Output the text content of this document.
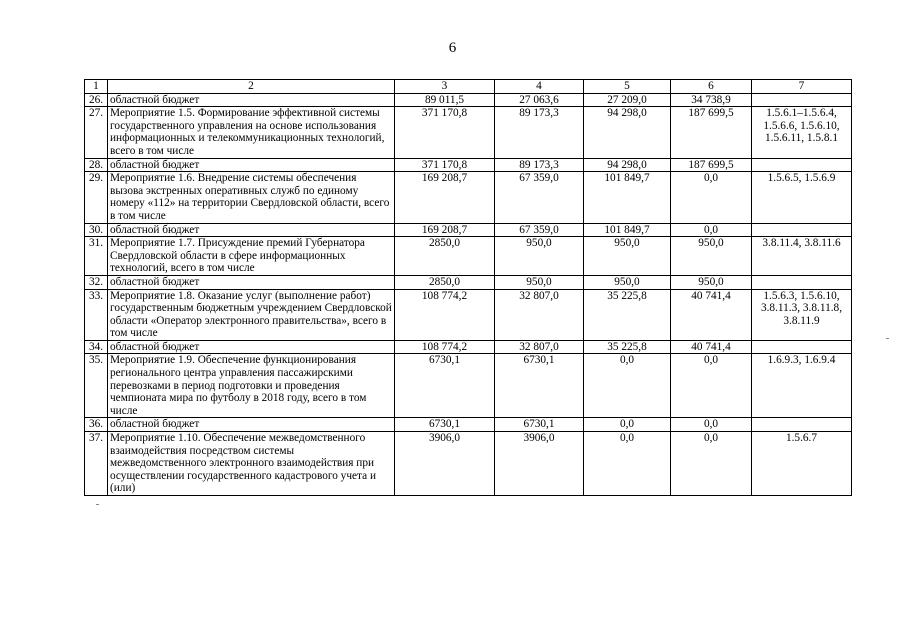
6
1	2	3	4	5	6	7
26.	областной бюджет	89 011,5	27 063,6	27 209,0	34 738,9	
27.	Мероприятие 1.5. Формирование эффективной системы государственного управления на основе использования информационных и телекоммуникационных технологий, всего в том числе	371 170,8	89 173,3	94 298,0	187 699,5	1.5.6.1–1.5.6.4, 1.5.6.6, 1.5.6.10, 1.5.6.11, 1.5.8.1
28.	областной бюджет	371 170,8	89 173,3	94 298,0	187 699,5	
29.	Мероприятие 1.6. Внедрение системы обеспечения вызова экстренных оперативных служб по единому номеру «112» на территории Свердловской области, всего в том числе	169 208,7	67 359,0	101 849,7	0,0	1.5.6.5, 1.5.6.9
30.	областной бюджет	169 208,7	67 359,0	101 849,7	0,0	
31.	Мероприятие 1.7. Присуждение премий Губернатора Свердловской области в сфере информационных технологий, всего в том числе	2850,0	950,0	950,0	950,0	3.8.11.4, 3.8.11.6
32.	областной бюджет	2850,0	950,0	950,0	950,0	
33.	Мероприятие 1.8. Оказание услуг (выполнение работ) государственным бюджетным учреждением Свердловской области «Оператор электронного правительства», всего в том числе	108 774,2	32 807,0	35 225,8	40 741,4	1.5.6.3, 1.5.6.10, 3.8.11.3, 3.8.11.8, 3.8.11.9
34.	областной бюджет	108 774,2	32 807,0	35 225,8	40 741,4	
35.	Мероприятие 1.9. Обеспечение функционирования регионального центра управления пассажирскими перевозками в период подготовки и проведения чемпионата мира по футболу в 2018 году, всего в том числе	6730,1	6730,1	0,0	0,0	1.6.9.3, 1.6.9.4
36.	областной бюджет	6730,1	6730,1	0,0	0,0	
37.	Мероприятие 1.10. Обеспечение межведомственного взаимодействия посредством системы межведомственного электронного взаимодействия при осуществлении государственного кадастрового учета и (или)	3906,0	3906,0	0,0	0,0	1.5.6.7
